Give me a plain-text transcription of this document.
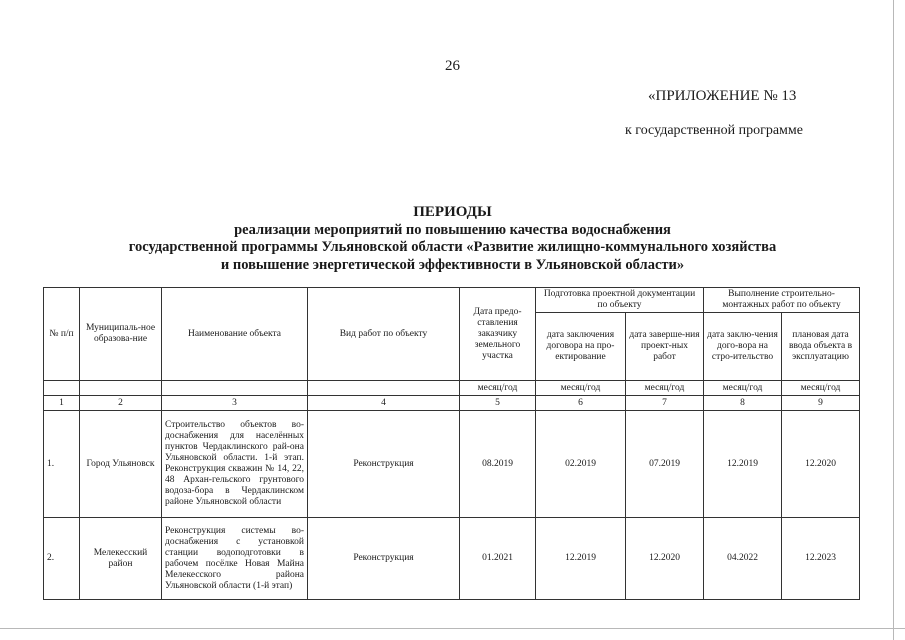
26
«ПРИЛОЖЕНИЕ № 13
к государственной программе
ПЕРИОДЫ
реализации мероприятий по повышению качества водоснабжения
государственной программы Ульяновской области «Развитие жилищно-коммунального хозяйства
и повышение энергетической эффективности в Ульяновской области»
№ п/п	Муниципаль-ное образова-ние	Наименование объекта	Вид работ по объекту	Дата предо-ставления заказчику земельного участка	Подготовка проектной документации по объекту		Выполнение строительно-монтажных работ по объекту	
					дата заключения договора на про-ектирование	дата заверше-ния проект-ных работ	дата заклю-чения дого-вора на стро-ительство	плановая дата ввода объекта в эксплуатацию
				месяц/год	месяц/год	месяц/год	месяц/год	месяц/год
1	2	3	4	5	6	7	8	9
1.	Город Ульяновск	Строительство объектов во-доснабжения для населённых пунктов Чердаклинского рай-она Ульяновской области. 1-й этап. Реконструкция скважин № 14, 22, 48 Архан-гельского грунтового водоза-бора в Чердаклинском районе Ульяновской области	Реконструкция	08.2019	02.2019	07.2019	12.2019	12.2020
2.	Мелекесский район	Реконструкция системы во-доснабжения с установкой станции водоподготовки в рабочем посёлке Новая Майна Мелекесского района Ульяновской области (1-й этап)	Реконструкция	01.2021	12.2019	12.2020	04.2022	12.2023
